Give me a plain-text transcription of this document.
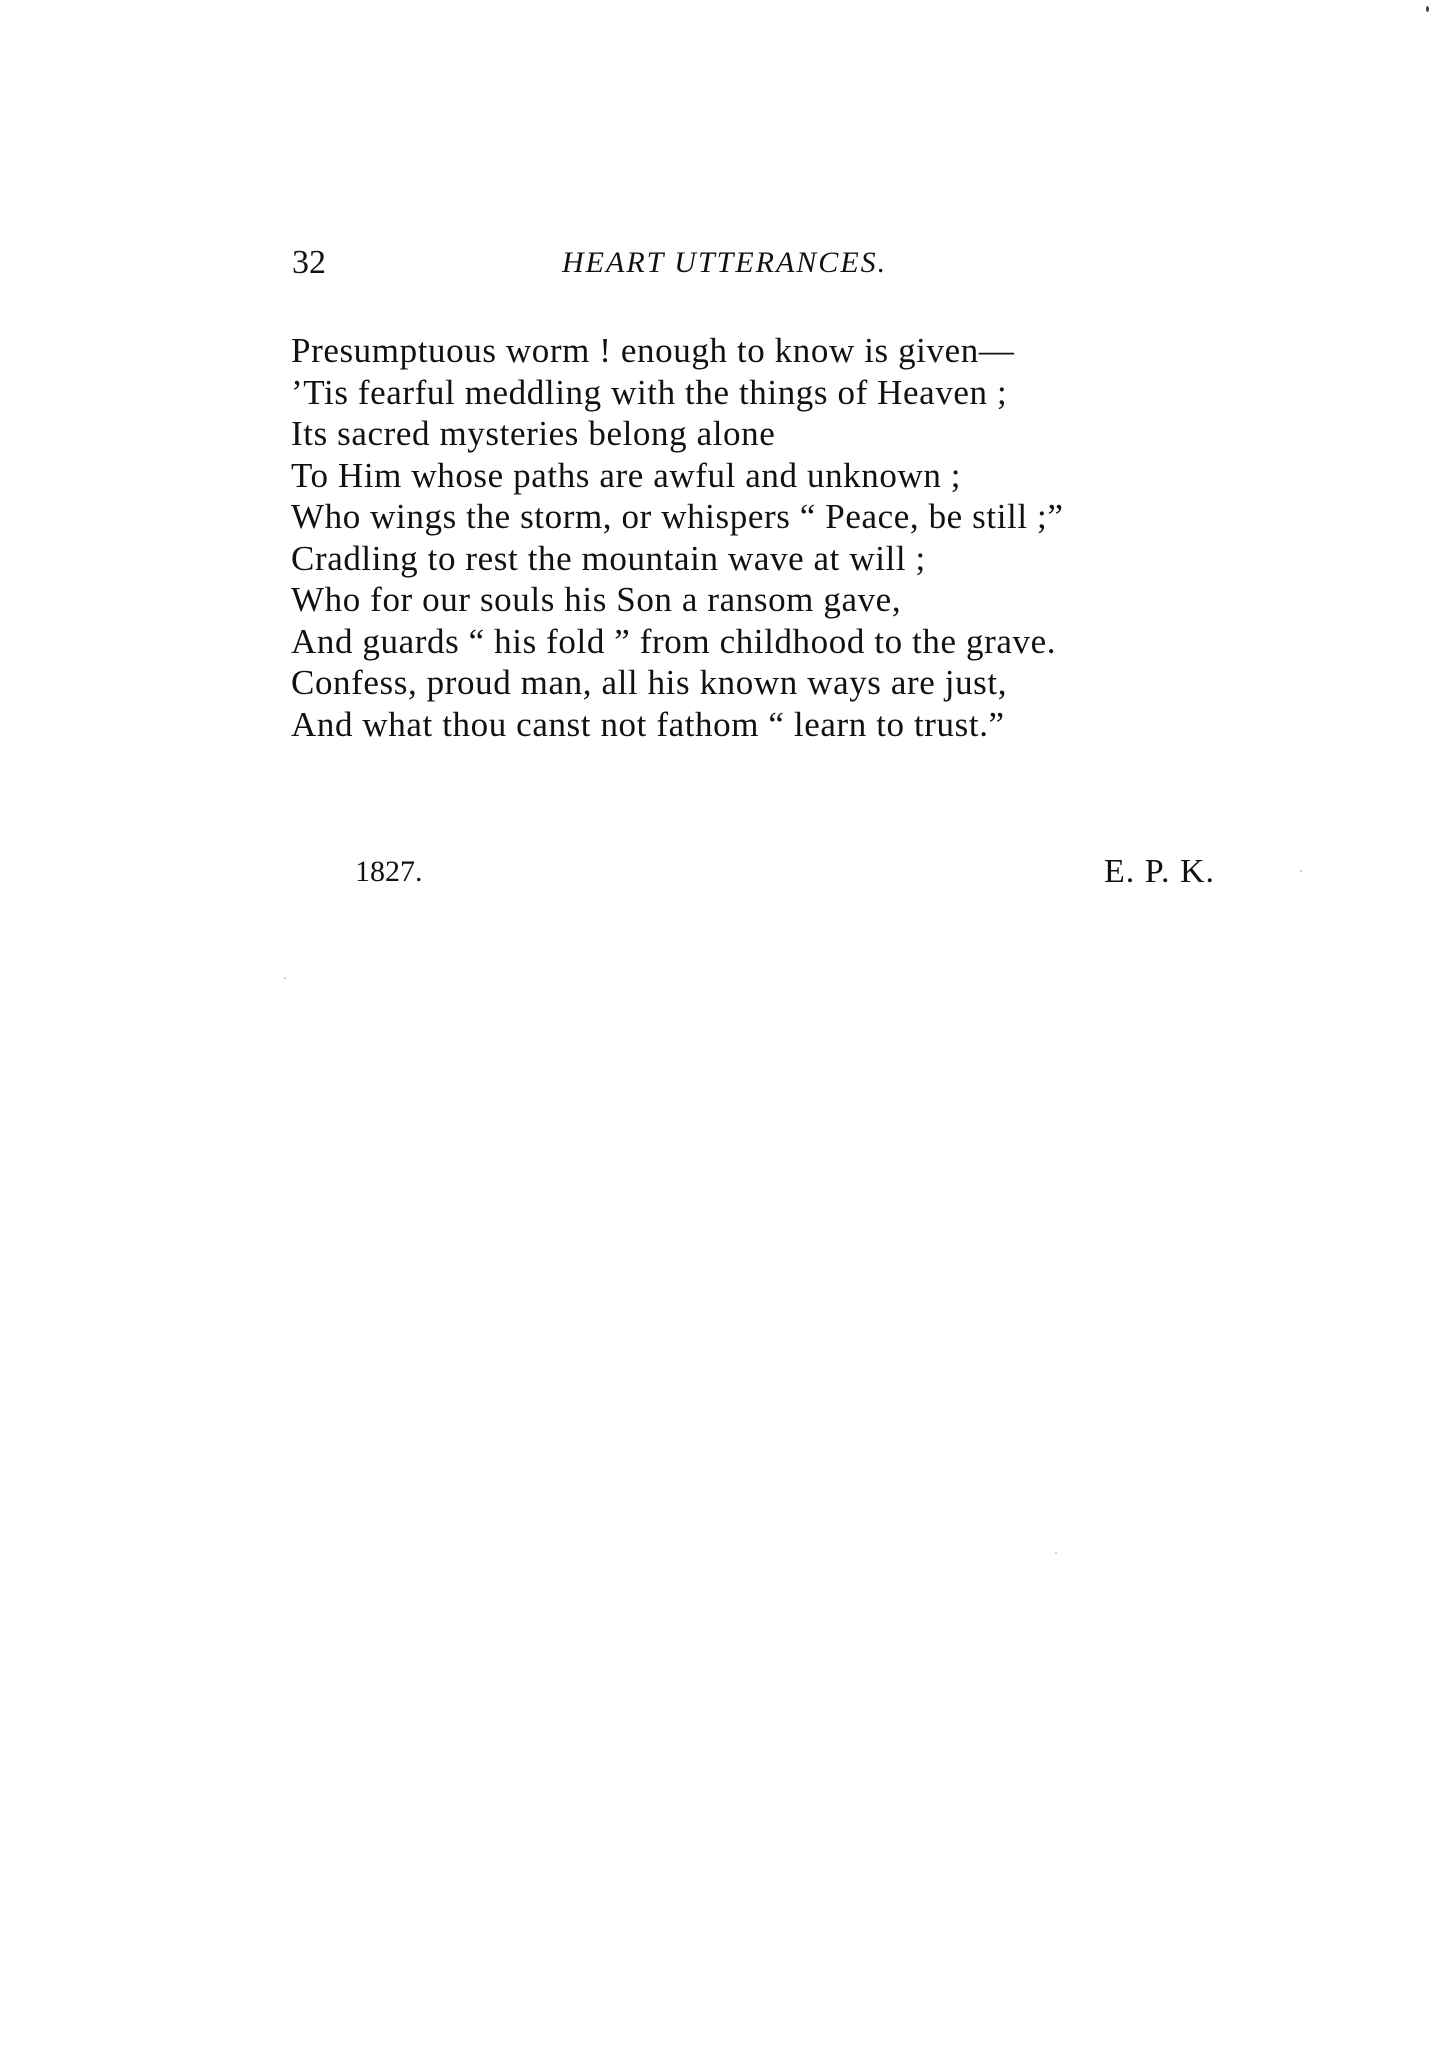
32	HEART UTTERANCES.
Presumptuous worm ! enough to know is given—
’Tis fearful meddling with the things of Heaven ;
Its sacred mysteries belong alone
To Him whose paths are awful and unknown ;
Who wings the storm, or whispers “ Peace, be still ;”
Cradling to rest the mountain wave at will ;
Who for our souls his Son a ransom gave,
And guards “ his fold ” from childhood to the grave.
Confess, proud man, all his known ways are just,
And what thou canst not fathom “ learn to trust.”
1827.	E. P. K.
